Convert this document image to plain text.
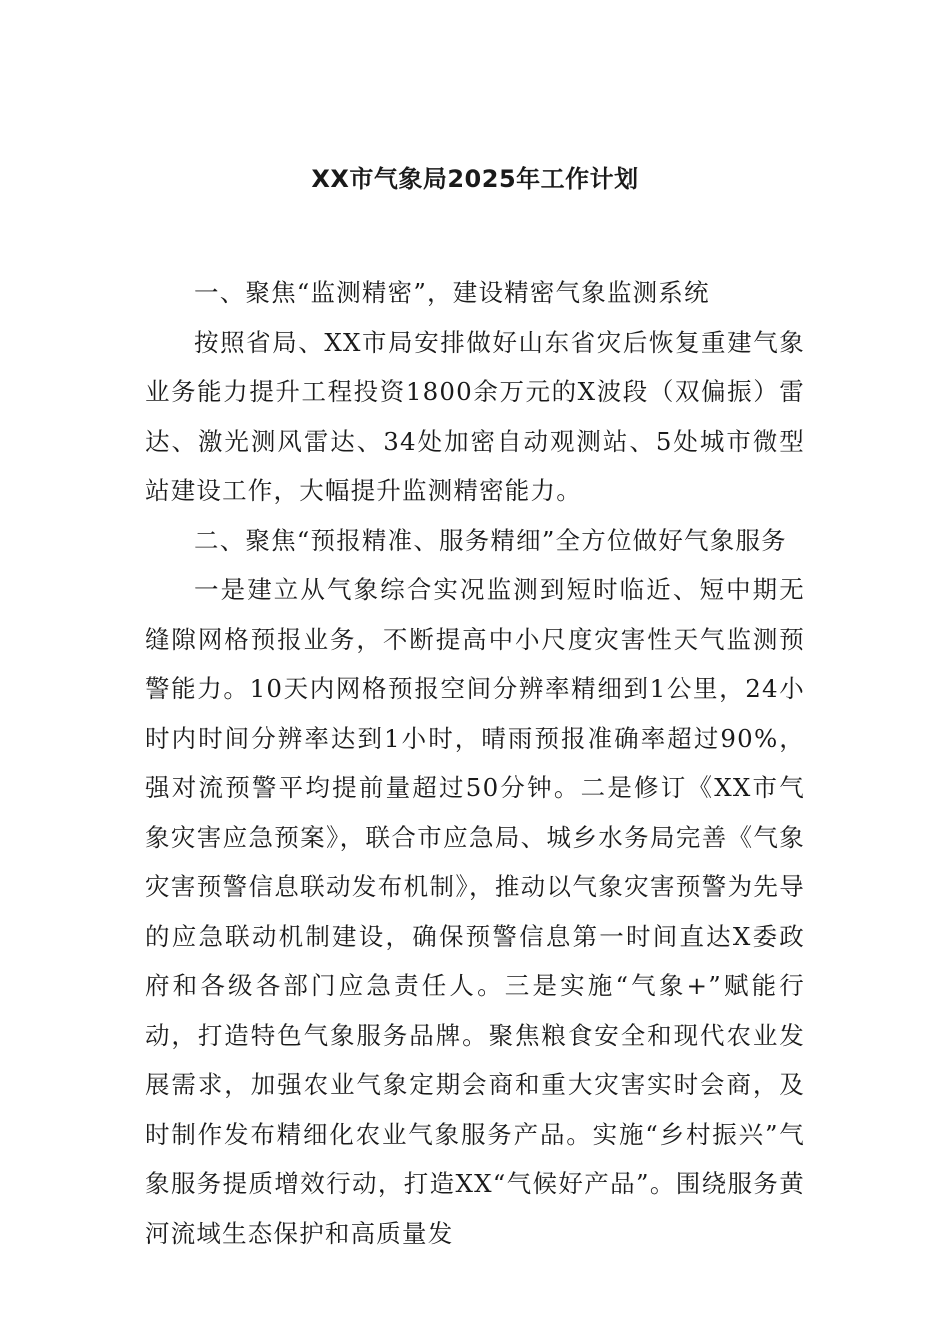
XX市气象局2025年工作计划

一、聚焦“监测精密”，建设精密气象监测系统

按照省局、XX市局安排做好山东省灾后恢复重建气象业务能力提升工程投资1800余万元的X波段（双偏振）雷达、激光测风雷达、34处加密自动观测站、5处城市微型站建设工作，大幅提升监测精密能力。

二、聚焦“预报精准、服务精细”全方位做好气象服务

一是建立从气象综合实况监测到短时临近、短中期无缝隙网格预报业务，不断提高中小尺度灾害性天气监测预警能力。10天内网格预报空间分辨率精细到1公里，24小时内时间分辨率达到1小时，晴雨预报准确率超过90%，强对流预警平均提前量超过50分钟。二是修订《XX市气象灾害应急预案》，联合市应急局、城乡水务局完善《气象灾害预警信息联动发布机制》，推动以气象灾害预警为先导的应急联动机制建设，确保预警信息第一时间直达X委政府和各级各部门应急责任人。三是实施“气象+”赋能行动，打造特色气象服务品牌。聚焦粮食安全和现代农业发展需求，加强农业气象定期会商和重大灾害实时会商，及时制作发布精细化农业气象服务产品。实施“乡村振兴”气象服务提质增效行动，打造XX“气候好产品”。围绕服务黄河流域生态保护和高质量发
